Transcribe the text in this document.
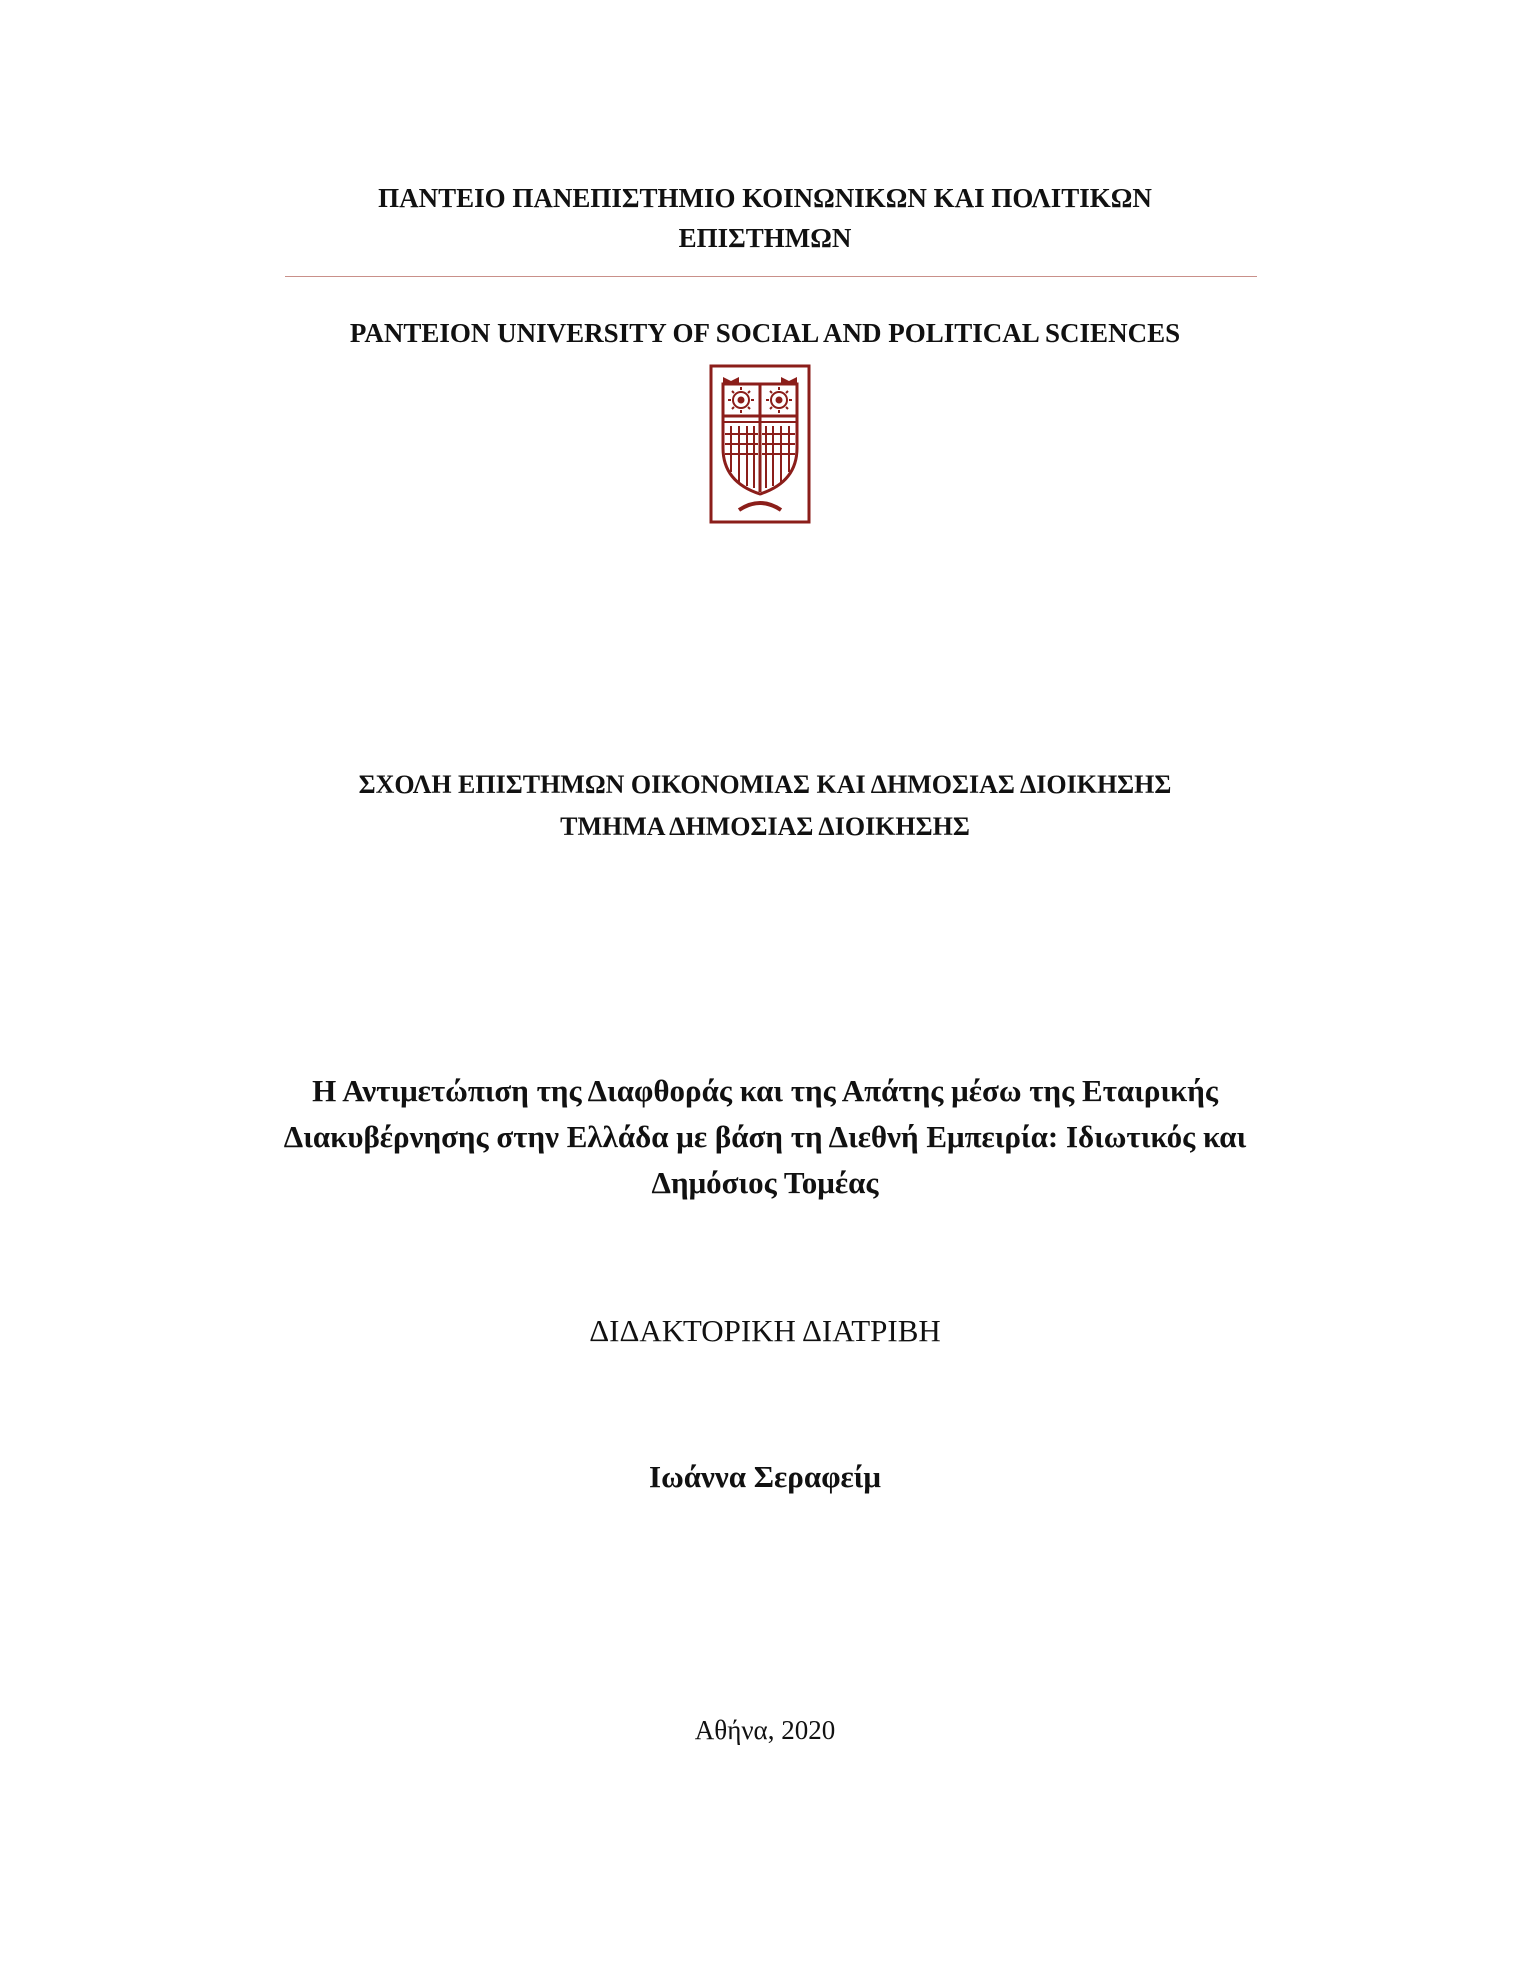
ΠΑΝΤΕΙΟ ΠΑΝΕΠΙΣΤΗΜΙΟ ΚΟΙΝΩΝΙΚΩΝ ΚΑΙ ΠΟΛΙΤΙΚΩΝ
ΕΠΙΣΤΗΜΩΝ
PANTEION UNIVERSITY OF SOCIAL AND POLITICAL SCIENCES
ΣΧΟΛΗ ΕΠΙΣΤΗΜΩΝ ΟΙΚΟΝΟΜΙΑΣ ΚΑΙ ΔΗΜΟΣΙΑΣ ΔΙΟΙΚΗΣΗΣ
ΤΜΗΜΑ ΔΗΜΟΣΙΑΣ ΔΙΟΙΚΗΣΗΣ
Η Αντιμετώπιση της Διαφθοράς και της Απάτης μέσω της Εταιρικής
Διακυβέρνησης στην Ελλάδα με βάση τη Διεθνή Εμπειρία: Ιδιωτικός και
Δημόσιος Τομέας
ΔΙΔΑΚΤΟΡΙΚΗ ΔΙΑΤΡΙΒΗ
Ιωάννα Σεραφείμ
Αθήνα, 2020
